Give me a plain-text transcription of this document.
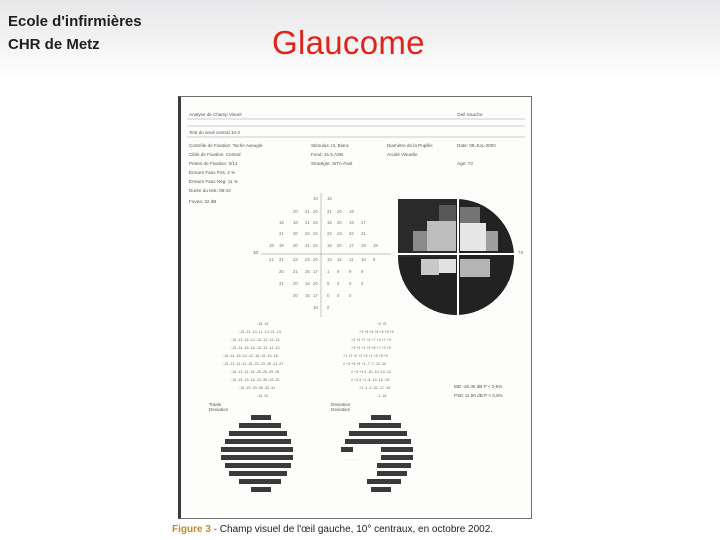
Ecole d'infirmières
CHR de Metz	Glaucome
Analyse de Champ Visuel	Oeil Gauche
Test du seuil central 10-2
Date: 09-JUL-2002
Contrôle de Fixation: Tache Aveugle
Cible de Fixation: Central
Pertes de Fixation: 0/14
Erreurs Faux Pos: 2 %
Erreurs Faux Nég: 11 %
Durée du test: 06:43
Stimulus: III, Blanc
Fond: 31.5 ASB
Stratégie: SITA-Fast
Diamètre de la Pupille:
Acuité Visuelle:
Age: 73
Fovea: 32 dB
10	10
MD -26,30 dB P < 0,5%
PSD 11,50 dB P < 0,5%
Totale
Deviation
Deviation
Deviation
19 19
20 21 20 21 20 19
18 18 21 24 15 20 19 17
21 20 22 24 22 23 22 21
18 19 20 21 22 16 20 17 19 18
21 21 23 23 20 13 12 11 10 9
20 21 25 17 1 9 9 9
21 20 15 20 9 0 0 0
20 15 17 0 0 0
18 0
-18 -15
-13 -12 -13 -11 -13 -11 -13
-15 -13 -16 -14 -15 -12 -13 -14
-13 -14 -15 -16 -15 -13 -14 -13
-16 -14 -15 -14 -12 -16 -15 -16 -16
-13 -13 -11 -11 -15 -23 -23 -26 -24 -27
-14 -13 -11 -16 -26 -26 -29 -28
-15 -15 -15 -16 -23 -30 -33 -32
-15 -19 -20 -36 -33 -31
-16 -32
+2 +5
+3 +5 +4 +6 +9 +5 +5
+2 +4 +7 +4 +7 +4 +7 +9
+3 +2 +1 +3 +5 +7 +9 +9
+1 +2 +2 +2 +5 +1 +5 +5 +5
2 +3 +5 +5 +1 -7 -7 -10 -10
2 +3 +4 0 -10 -10 -10 -12
2 +3 3 +1 -8 -14 -16 -16
+1 -1 -4 -20 -17 -15
-1 -16
. . . . . . .
Figure 3 - Champ visuel de l'œil gauche, 10° centraux, en octobre 2002.
